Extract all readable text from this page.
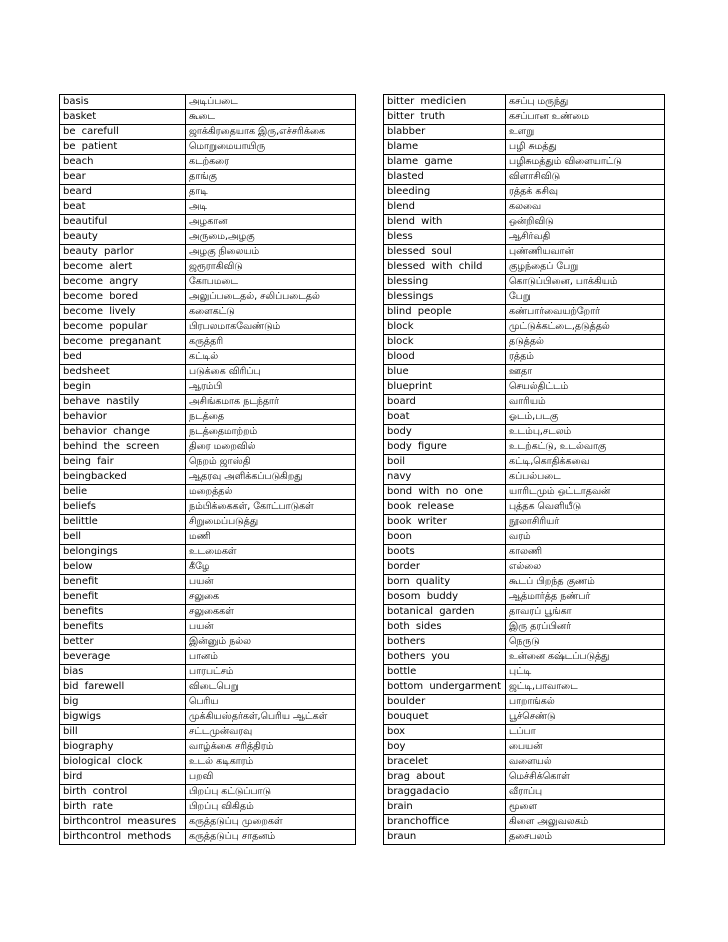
basis	அடிப்படை
basket	கூடை
be carefull	ஜாக்கிரதையாக இரு,எச்சரிக்கை
be patient	மொறுமையாயிரு
beach	கடற்கரை
bear	தாங்கு
beard	தாடி
beat	அடி
beautiful	அழகான
beauty	அருமை,அழகு
beauty parlor	அழகு நிலையம்
become alert	ஜரூராகிவிடு
become angry	கோபமடை
become bored	அலுப்படைதல், சலிப்படைதல்
become lively	களைகட்டு
become popular	பிரபலமாகவேண்டும்
become preganant	கருத்தரி
bed	கட்டில்
bedsheet	படுக்கை விரிப்பு
begin	ஆரம்பி
behave nastily	அசிங்கமாக நடந்தார்
behavior	நடத்தை
behavior change	நடத்தைமாற்றம்
behind the screen	திரை மறைவில்
being fair	நெறம் ஜாஸ்தி
beingbacked	ஆதரவு அளிக்கப்படுகிறது
belie	மறைத்தல்
beliefs	நம்பிக்கைகள், கோட்பாடுகள்
belittle	சிறுமைப்படுத்து
bell	மணி
belongings	உடமைகள்
below	கீழே
benefit	பயன்
benefit	சலுகை
benefits	சலுகைகள்
benefits	பயன்
better	இன்னும் நல்ல
beverage	பானம்
bias	பாரபட்சம்
bid farewell	விடைபெறு
big	பெரிய
bigwigs	முக்கியஸ்தர்கள்,பெரிய ஆட்கள்
bill	சட்டமுன்வரவு
biography	வாழ்க்கை சரித்திரம்
biological clock	உடல் கடிகாரம்
bird	பறவி
birth control	பிறப்பு கட்டுப்பாடு
birth rate	பிறப்பு விகிதம்
birthcontrol measures	கருத்தடுப்பு முறைகள்
birthcontrol methods	கருத்தடுப்பு சாதனம்
bitter medicien	கசப்பு மருந்து
bitter truth	கசப்பான உண்மை
blabber	உளறு
blame	பழி சுமத்து
blame game	பழிசுமத்தும் விளையாட்டு
blasted	விளாசிவிடு
bleeding	ரத்தக் கசிவு
blend	கலவை
blend with	ஒன்றிவிடு
bless	ஆசிர்வதி
blessed soul	புண்ணியவான்
blessed with child	குழந்தைப் பேறு
blessing	கொடுப்பினை, பாக்கியம்
blessings	பேறு
blind people	கண்பார்வையற்றோர்
block	முட்டுக்கட்டை,தடுத்தல்
block	தடுத்தல்
blood	ரத்தம்
blue	ஊதா
blueprint	செயல்திட்டம்
board	வாரியம்
boat	ஓடம்,படகு
body	உடம்பு,சடலம்
body figure	உடற்கட்டு, உடல்வாகு
boil	கட்டி,கொதிக்கவை
navy	கப்பல்படை
bond with no one	யாரிடமும் ஒட்டாதவன்
book release	புத்தக வெளியீடு
book writer	நூலாசிரியர்
boon	வரம்
boots	காலணி
border	எல்லை
born quality	கூடப் பிறந்த குணம்
bosom buddy	ஆத்மார்த்த நண்பர்
botanical garden	தாவரப் பூங்கா
both sides	இரு தரப்பினர்
bothers	நெருடு
bothers you	உன்னை கஷ்டப்படுத்து
bottle	புட்டி
bottom undergarment	ஜட்டி,பாவாடை
boulder	பாறாங்கல்
bouquet	பூச்செண்டு
box	டப்பா
boy	பையன்
bracelet	வளையல்
brag about	மெச்சிக்கொள்
braggadacio	வீராப்பு
brain	மூளை
branchoffice	கிளை அலுவலகம்
braun	தசைபலம்
